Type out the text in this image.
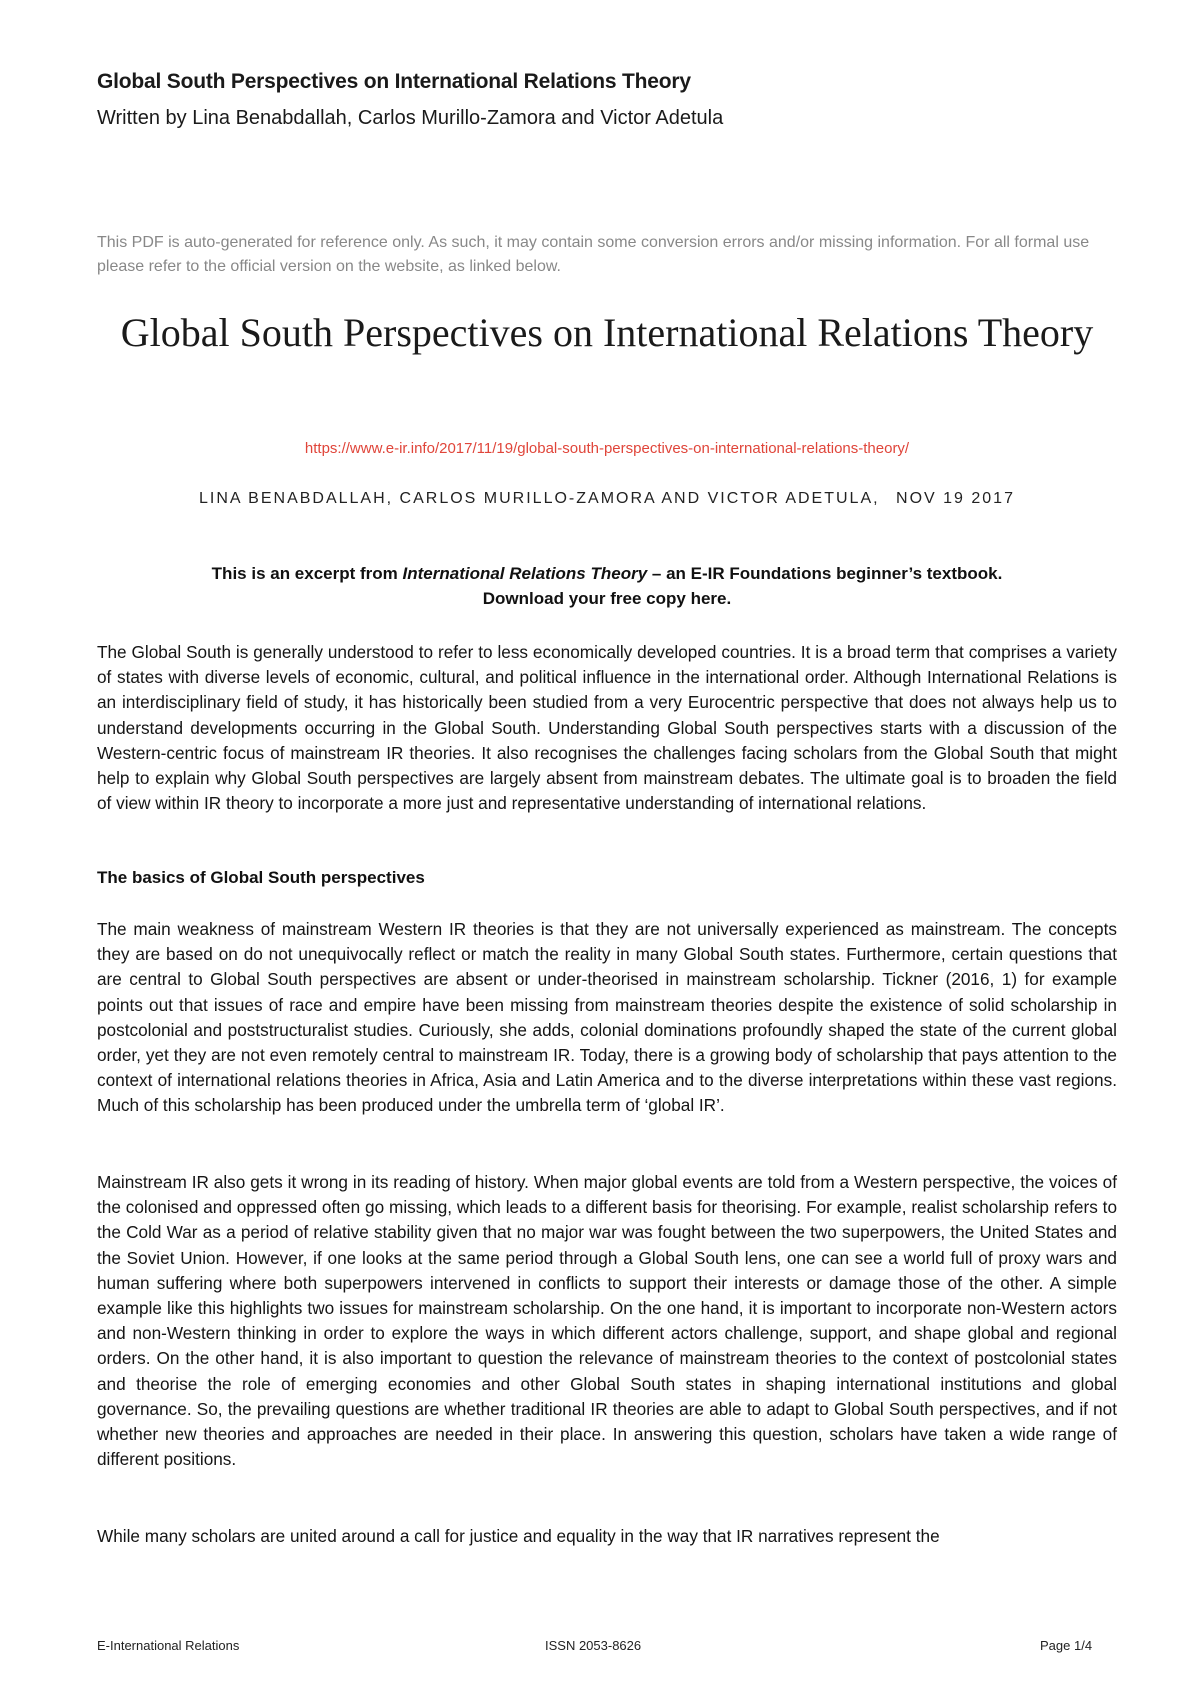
Global South Perspectives on International Relations Theory
Written by Lina Benabdallah, Carlos Murillo-Zamora and Victor Adetula
This PDF is auto-generated for reference only. As such, it may contain some conversion errors and/or missing information. For all formal use please refer to the official version on the website, as linked below.
Global South Perspectives on International Relations Theory
https://www.e-ir.info/2017/11/19/global-south-perspectives-on-international-relations-theory/
LINA BENABDALLAH, CARLOS MURILLO-ZAMORA AND VICTOR ADETULA, NOV 19 2017
This is an excerpt from International Relations Theory – an E-IR Foundations beginner’s textbook.
Download your free copy here.
The Global South is generally understood to refer to less economically developed countries. It is a broad term that comprises a variety of states with diverse levels of economic, cultural, and political influence in the international order. Although International Relations is an interdisciplinary field of study, it has historically been studied from a very Eurocentric perspective that does not always help us to understand developments occurring in the Global South. Understanding Global South perspectives starts with a discussion of the Western-centric focus of mainstream IR theories. It also recognises the challenges facing scholars from the Global South that might help to explain why Global South perspectives are largely absent from mainstream debates. The ultimate goal is to broaden the field of view within IR theory to incorporate a more just and representative understanding of international relations.
The basics of Global South perspectives
The main weakness of mainstream Western IR theories is that they are not universally experienced as mainstream. The concepts they are based on do not unequivocally reflect or match the reality in many Global South states. Furthermore, certain questions that are central to Global South perspectives are absent or under-theorised in mainstream scholarship. Tickner (2016, 1) for example points out that issues of race and empire have been missing from mainstream theories despite the existence of solid scholarship in postcolonial and poststructuralist studies. Curiously, she adds, colonial dominations profoundly shaped the state of the current global order, yet they are not even remotely central to mainstream IR. Today, there is a growing body of scholarship that pays attention to the context of international relations theories in Africa, Asia and Latin America and to the diverse interpretations within these vast regions. Much of this scholarship has been produced under the umbrella term of ‘global IR’.
Mainstream IR also gets it wrong in its reading of history. When major global events are told from a Western perspective, the voices of the colonised and oppressed often go missing, which leads to a different basis for theorising. For example, realist scholarship refers to the Cold War as a period of relative stability given that no major war was fought between the two superpowers, the United States and the Soviet Union. However, if one looks at the same period through a Global South lens, one can see a world full of proxy wars and human suffering where both superpowers intervened in conflicts to support their interests or damage those of the other. A simple example like this highlights two issues for mainstream scholarship. On the one hand, it is important to incorporate non-Western actors and non-Western thinking in order to explore the ways in which different actors challenge, support, and shape global and regional orders. On the other hand, it is also important to question the relevance of mainstream theories to the context of postcolonial states and theorise the role of emerging economies and other Global South states in shaping international institutions and global governance. So, the prevailing questions are whether traditional IR theories are able to adapt to Global South perspectives, and if not whether new theories and approaches are needed in their place. In answering this question, scholars have taken a wide range of different positions.
While many scholars are united around a call for justice and equality in the way that IR narratives represent the
E-International Relations	ISSN 2053-8626	Page 1/4
